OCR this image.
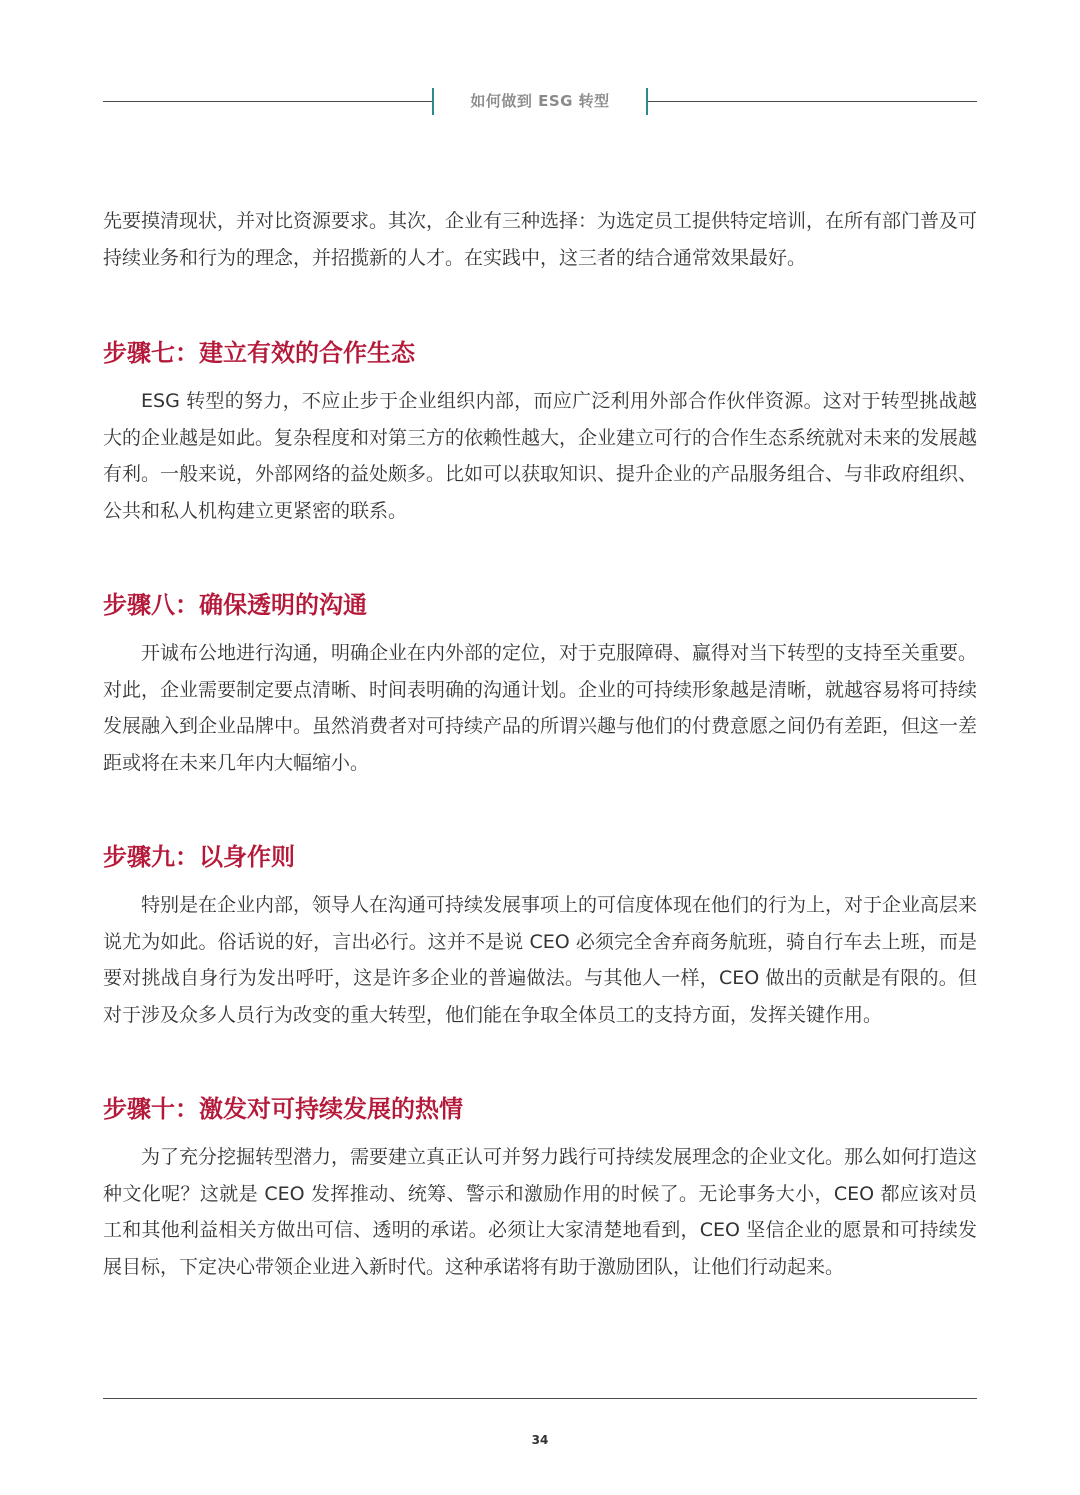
如何做到 ESG 转型

先要摸清现状，并对比资源要求。其次，企业有三种选择：为选定员工提供特定培训，在所有部门普及可持续业务和行为的理念，并招揽新的人才。在实践中，这三者的结合通常效果最好。

步骤七：建立有效的合作生态

ESG 转型的努力，不应止步于企业组织内部，而应广泛利用外部合作伙伴资源。这对于转型挑战越大的企业越是如此。复杂程度和对第三方的依赖性越大，企业建立可行的合作生态系统就对未来的发展越有利。一般来说，外部网络的益处颇多。比如可以获取知识、提升企业的产品服务组合、与非政府组织、公共和私人机构建立更紧密的联系。

步骤八：确保透明的沟通

开诚布公地进行沟通，明确企业在内外部的定位，对于克服障碍、赢得对当下转型的支持至关重要。对此，企业需要制定要点清晰、时间表明确的沟通计划。企业的可持续形象越是清晰，就越容易将可持续发展融入到企业品牌中。虽然消费者对可持续产品的所谓兴趣与他们的付费意愿之间仍有差距，但这一差距或将在未来几年内大幅缩小。

步骤九：以身作则

特别是在企业内部，领导人在沟通可持续发展事项上的可信度体现在他们的行为上，对于企业高层来说尤为如此。俗话说的好，言出必行。这并不是说 CEO 必须完全舍弃商务航班，骑自行车去上班，而是要对挑战自身行为发出呼吁，这是许多企业的普遍做法。与其他人一样，CEO 做出的贡献是有限的。但对于涉及众多人员行为改变的重大转型，他们能在争取全体员工的支持方面，发挥关键作用。

步骤十：激发对可持续发展的热情

为了充分挖掘转型潜力，需要建立真正认可并努力践行可持续发展理念的企业文化。那么如何打造这种文化呢？这就是 CEO 发挥推动、统筹、警示和激励作用的时候了。无论事务大小，CEO 都应该对员工和其他利益相关方做出可信、透明的承诺。必须让大家清楚地看到，CEO 坚信企业的愿景和可持续发展目标，下定决心带领企业进入新时代。这种承诺将有助于激励团队，让他们行动起来。

34
